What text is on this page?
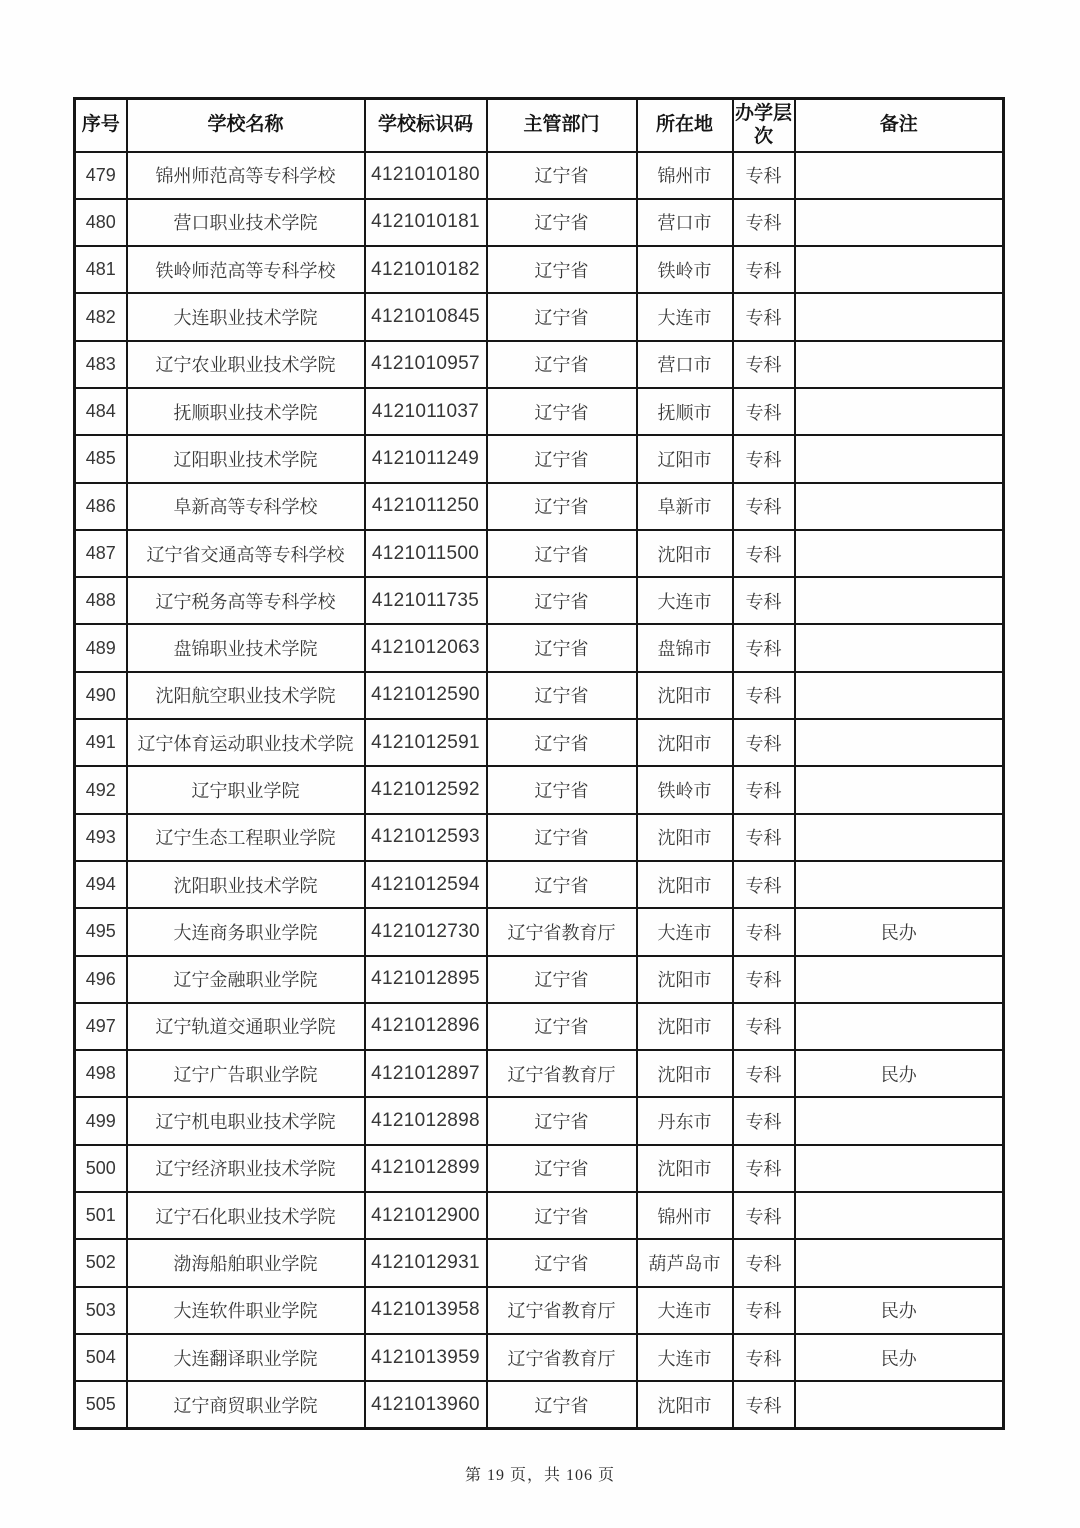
序号	学校名称	学校标识码	主管部门	所在地	办学层次	备注
479	锦州师范高等专科学校	4121010180	辽宁省	锦州市	专科	
480	营口职业技术学院	4121010181	辽宁省	营口市	专科	
481	铁岭师范高等专科学校	4121010182	辽宁省	铁岭市	专科	
482	大连职业技术学院	4121010845	辽宁省	大连市	专科	
483	辽宁农业职业技术学院	4121010957	辽宁省	营口市	专科	
484	抚顺职业技术学院	4121011037	辽宁省	抚顺市	专科	
485	辽阳职业技术学院	4121011249	辽宁省	辽阳市	专科	
486	阜新高等专科学校	4121011250	辽宁省	阜新市	专科	
487	辽宁省交通高等专科学校	4121011500	辽宁省	沈阳市	专科	
488	辽宁税务高等专科学校	4121011735	辽宁省	大连市	专科	
489	盘锦职业技术学院	4121012063	辽宁省	盘锦市	专科	
490	沈阳航空职业技术学院	4121012590	辽宁省	沈阳市	专科	
491	辽宁体育运动职业技术学院	4121012591	辽宁省	沈阳市	专科	
492	辽宁职业学院	4121012592	辽宁省	铁岭市	专科	
493	辽宁生态工程职业学院	4121012593	辽宁省	沈阳市	专科	
494	沈阳职业技术学院	4121012594	辽宁省	沈阳市	专科	
495	大连商务职业学院	4121012730	辽宁省教育厅	大连市	专科	民办
496	辽宁金融职业学院	4121012895	辽宁省	沈阳市	专科	
497	辽宁轨道交通职业学院	4121012896	辽宁省	沈阳市	专科	
498	辽宁广告职业学院	4121012897	辽宁省教育厅	沈阳市	专科	民办
499	辽宁机电职业技术学院	4121012898	辽宁省	丹东市	专科	
500	辽宁经济职业技术学院	4121012899	辽宁省	沈阳市	专科	
501	辽宁石化职业技术学院	4121012900	辽宁省	锦州市	专科	
502	渤海船舶职业学院	4121012931	辽宁省	葫芦岛市	专科	
503	大连软件职业学院	4121013958	辽宁省教育厅	大连市	专科	民办
504	大连翻译职业学院	4121013959	辽宁省教育厅	大连市	专科	民办
505	辽宁商贸职业学院	4121013960	辽宁省	沈阳市	专科	
第 19 页，共 106 页
